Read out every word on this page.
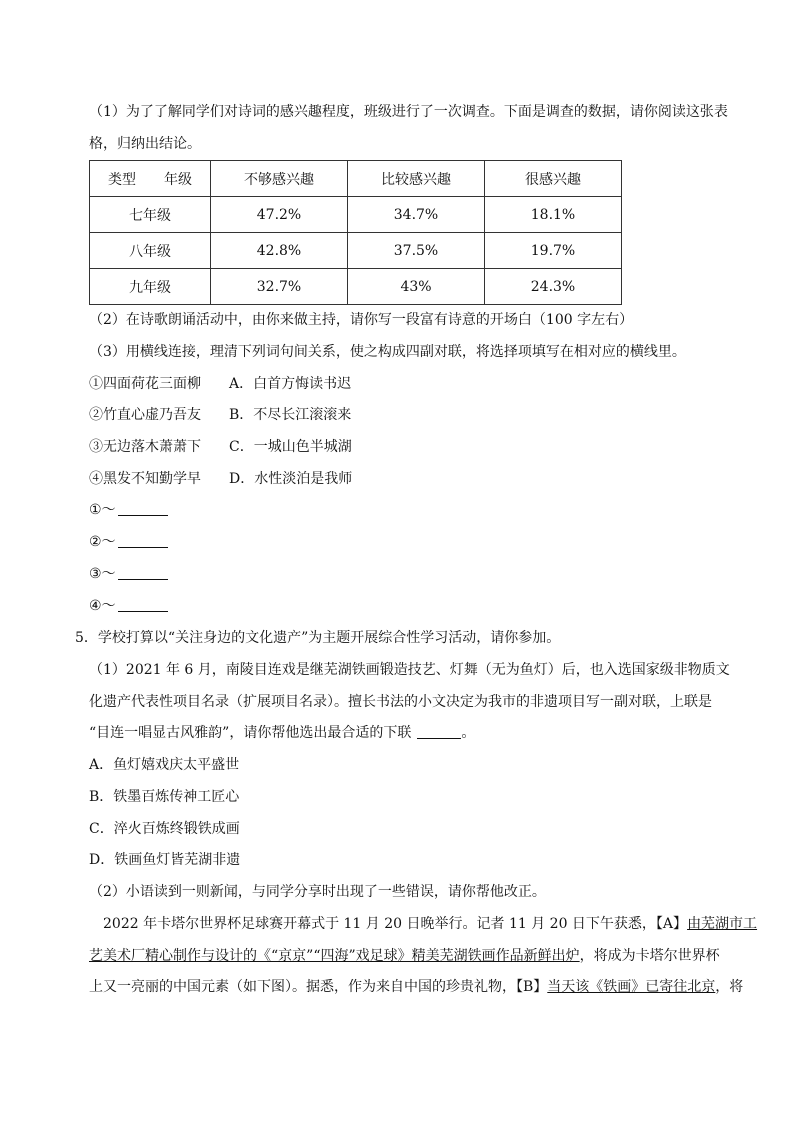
（1）为了了解同学们对诗词的感兴趣程度，班级进行了一次调查。下面是调查的数据，请你阅读这张表
格，归纳出结论。
类型　　年级	不够感兴趣	比较感兴趣	很感兴趣
七年级	47.2%	34.7%	18.1%
八年级	42.8%	37.5%	19.7%
九年级	32.7%	43%	24.3%
（2）在诗歌朗诵活动中，由你来做主持，请你写一段富有诗意的开场白（100 字左右）
（3）用横线连接，理清下列词句间关系，使之构成四副对联，将选择项填写在相对应的横线里。
①四面荷花三面柳 A．白首方悔读书迟
②竹直心虚乃吾友 B．不尽长江滚滚来
③无边落木萧萧下 C．一城山色半城湖
④黑发不知勤学早 D．水性淡泊是我师
①～
②～
③～
④～
5．学校打算以“关注身边的文化遗产”为主题开展综合性学习活动，请你参加。
（1）2021 年 6 月，南陵目连戏是继芜湖铁画锻造技艺、灯舞（无为鱼灯）后，也入选国家级非物质文
化遗产代表性项目名录（扩展项目名录）。擅长书法的小文决定为我市的非遗项目写一副对联，上联是
“目连一唱显古风雅韵”，请你帮他选出最合适的下联	。
A．鱼灯嬉戏庆太平盛世
B．铁墨百炼传神工匠心
C．淬火百炼终锻铁成画
D．铁画鱼灯皆芜湖非遗
（2）小语读到一则新闻，与同学分享时出现了一些错误，请你帮他改正。
2022 年卡塔尔世界杯足球赛开幕式于 11 月 20 日晚举行。记者 11 月 20 日下午获悉，【A】由芜湖市工
艺美术厂精心制作与设计的《“京京”“四海”戏足球》精美芜湖铁画作品新鲜出炉，将成为卡塔尔世界杯
上又一亮丽的中国元素（如下图）。据悉，作为来自中国的珍贵礼物，【B】当天该《铁画》已寄往北京，将
